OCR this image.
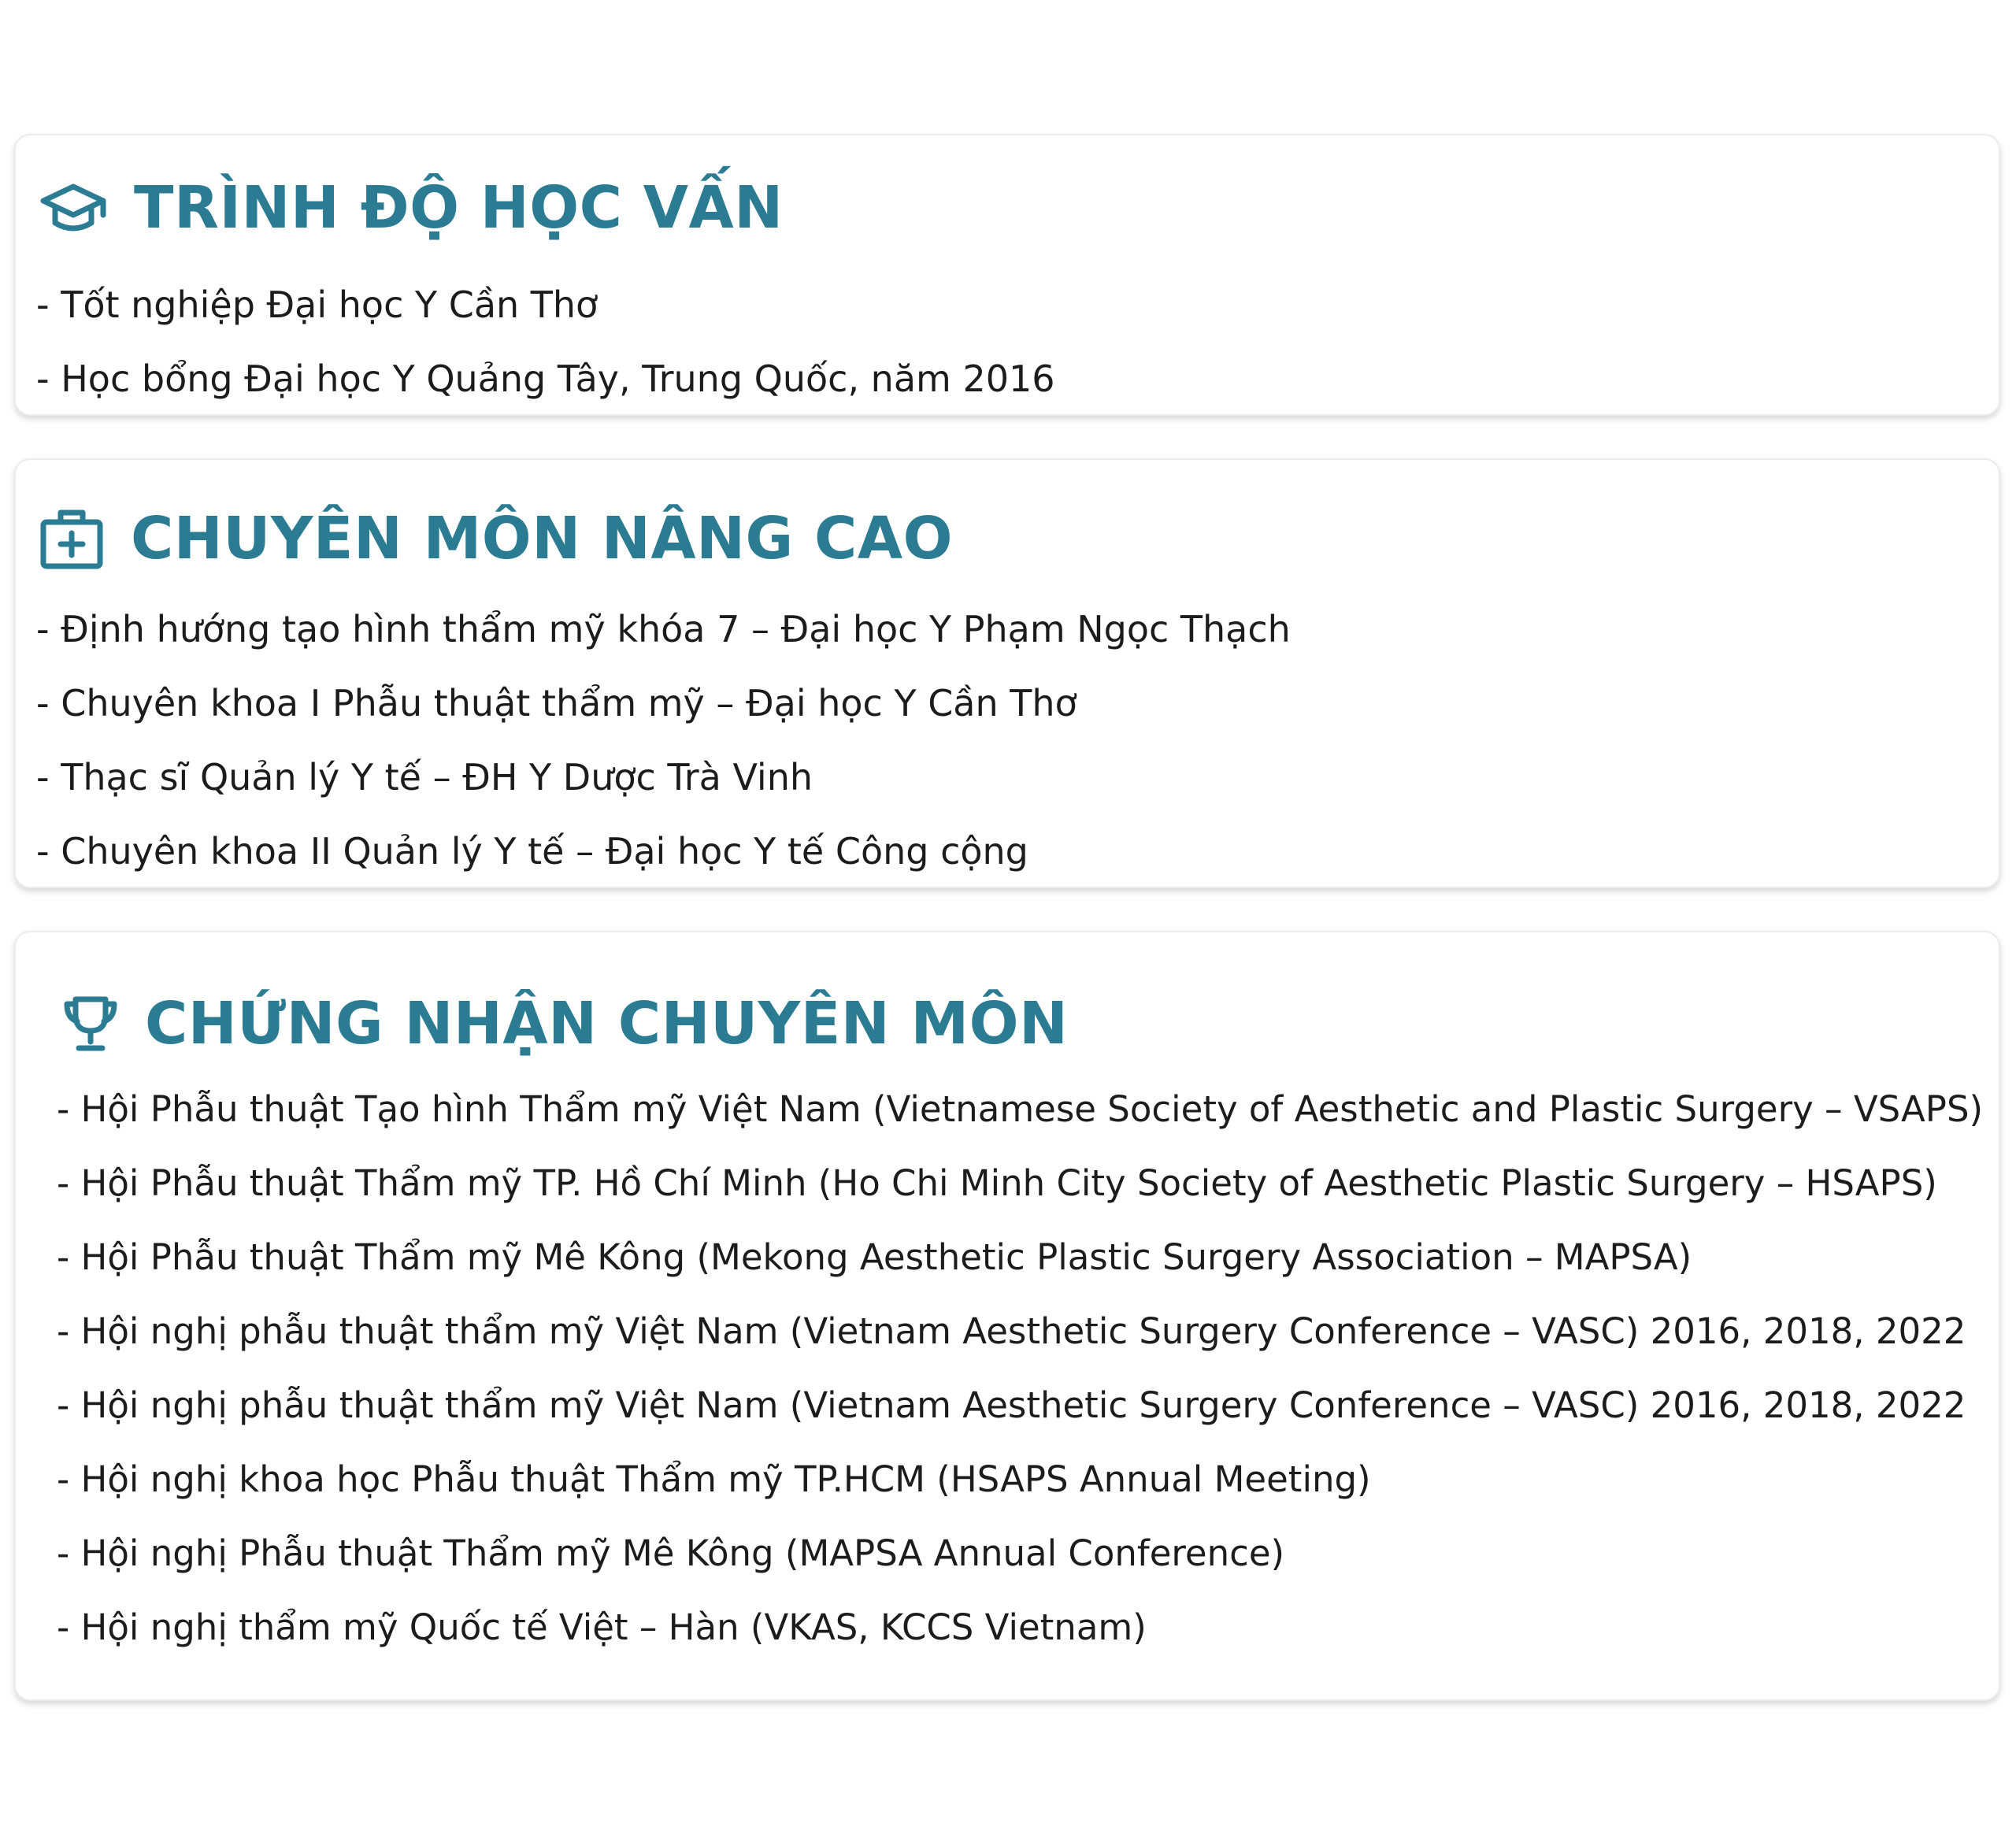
TRÌNH ĐỘ HỌC VẤN
- Tốt nghiệp Đại học Y Cần Thơ
- Học bổng Đại học Y Quảng Tây, Trung Quốc, năm 2016
CHUYÊN MÔN NÂNG CAO
- Định hướng tạo hình thẩm mỹ khóa 7 – Đại học Y Phạm Ngọc Thạch
- Chuyên khoa I Phẫu thuật thẩm mỹ – Đại học Y Cần Thơ
- Thạc sĩ Quản lý Y tế – ĐH Y Dược Trà Vinh
- Chuyên khoa II Quản lý Y tế – Đại học Y tế Công cộng
CHỨNG NHẬN CHUYÊN MÔN
- Hội Phẫu thuật Tạo hình Thẩm mỹ Việt Nam (Vietnamese Society of Aesthetic and Plastic Surgery – VSAPS)
- Hội Phẫu thuật Thẩm mỹ TP. Hồ Chí Minh (Ho Chi Minh City Society of Aesthetic Plastic Surgery – HSAPS)
- Hội Phẫu thuật Thẩm mỹ Mê Kông (Mekong Aesthetic Plastic Surgery Association – MAPSA)
- Hội nghị phẫu thuật thẩm mỹ Việt Nam (Vietnam Aesthetic Surgery Conference – VASC) 2016, 2018, 2022
- Hội nghị phẫu thuật thẩm mỹ Việt Nam (Vietnam Aesthetic Surgery Conference – VASC) 2016, 2018, 2022
- Hội nghị khoa học Phẫu thuật Thẩm mỹ TP.HCM (HSAPS Annual Meeting)
- Hội nghị Phẫu thuật Thẩm mỹ Mê Kông (MAPSA Annual Conference)
- Hội nghị thẩm mỹ Quốc tế Việt – Hàn (VKAS, KCCS Vietnam)
